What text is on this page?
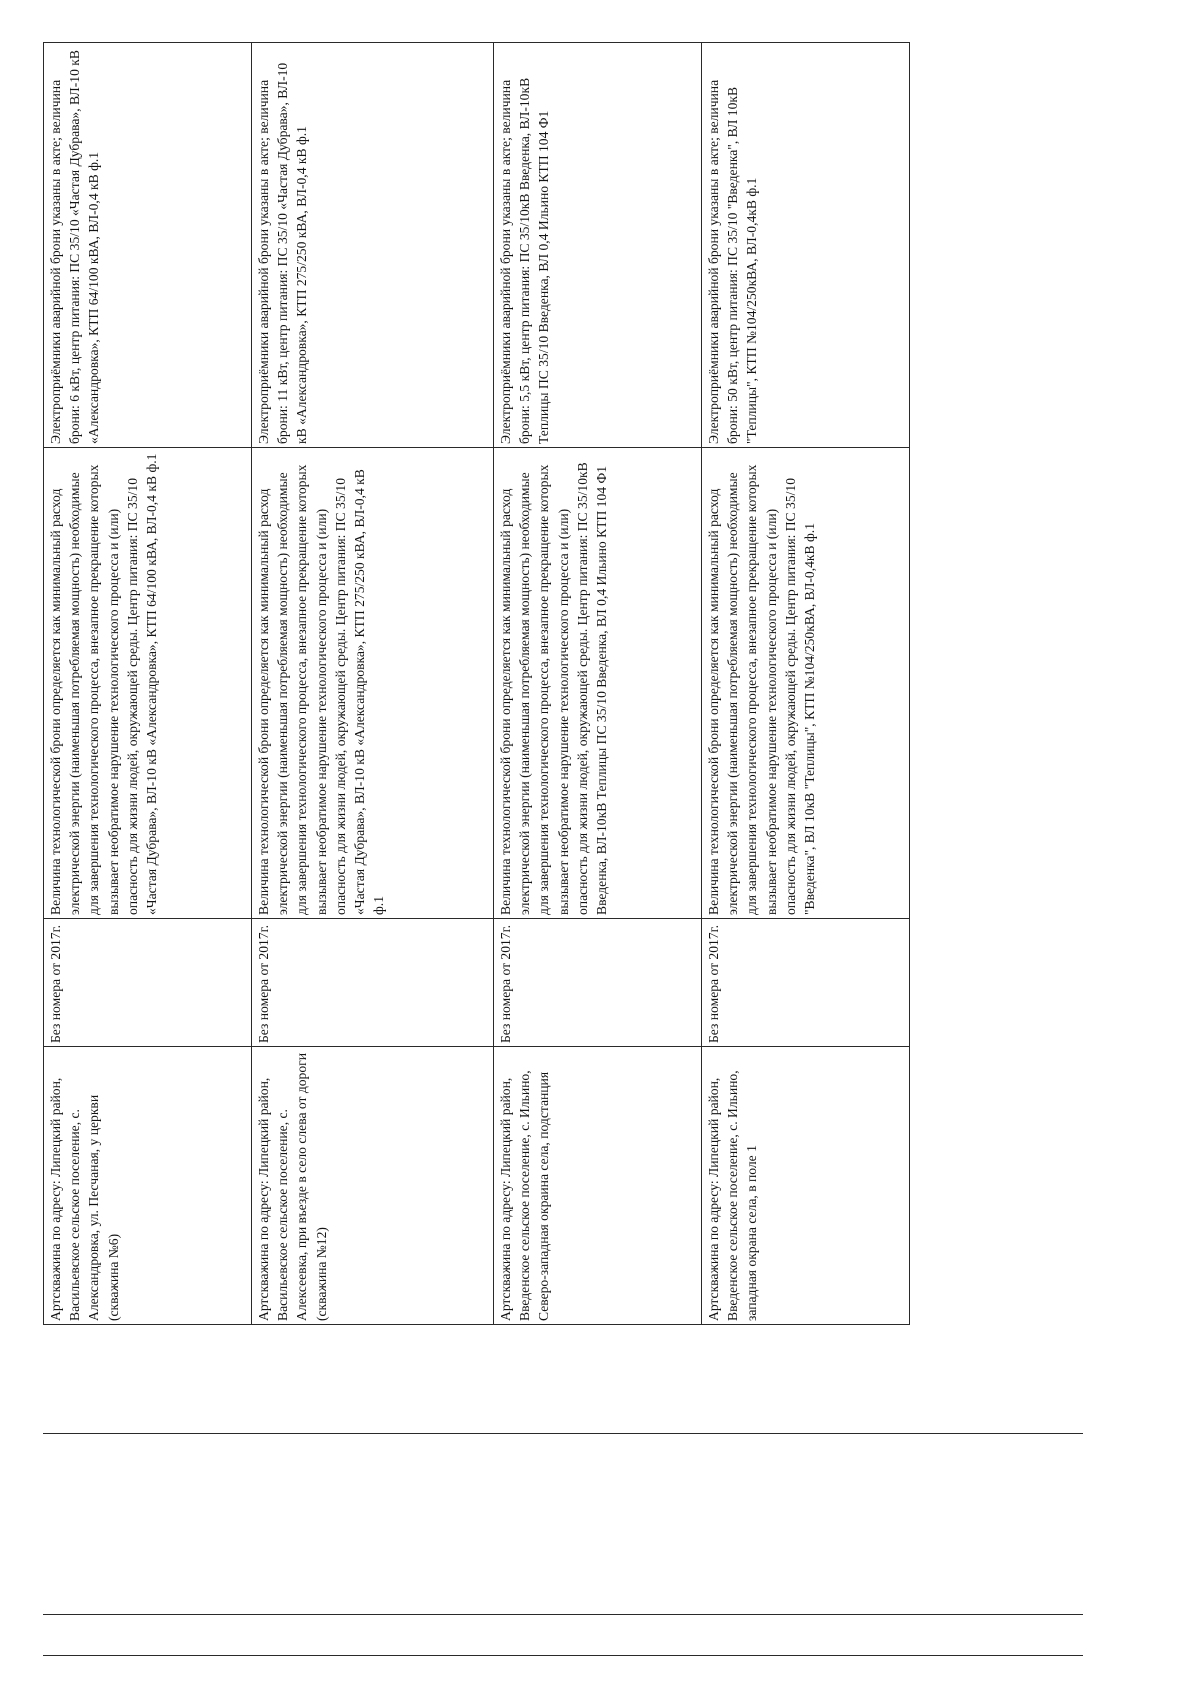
Артскважина по адресу: Липецкий район, Васильевское сельское поселение, с. Александровка, ул. Песчаная, у церкви (скважина №6)	Без номера от 2017г.	Величина технологической брони определяется как минимальный расход электрической энергии (наименьшая потребляемая мощность) необходимые для завершения технологического процесса, внезапное прекращение которых вызывает необратимое нарушение технологического процесса и (или) опасность для жизни людей, окружающей среды. Центр питания: ПС 35/10 «Частая Дубрава», ВЛ-10 кВ «Александровка», КТП 64/100 кВА, ВЛ-0,4 кВ ф.1	Электроприёмники аварийной брони указаны в акте; величина брони: 6 кВт, центр питания: ПС 35/10 «Частая Дубрава», ВЛ-10 кВ «Александровка», КТП 64/100 кВА, ВЛ-0,4 кВ ф.1
Артскважина по адресу: Липецкий район, Васильевское сельское поселение, с. Алексеевка, при въезде в село слева от дороги (скважина №12)	Без номера от 2017г.	Величина технологической брони определяется как минимальный расход электрической энергии (наименьшая потребляемая мощность) необходимые для завершения технологического процесса, внезапное прекращение которых вызывает необратимое нарушение технологического процесса и (или) опасность для жизни людей, окружающей среды. Центр питания: ПС 35/10 «Частая Дубрава», ВЛ-10 кВ «Александровка», КТП 275/250 кВА, ВЛ-0,4 кВ ф.1	Электроприёмники аварийной брони указаны в акте; величина брони: 11 кВт, центр питания: ПС 35/10 «Частая Дубрава», ВЛ-10 кВ «Александровка», КТП 275/250 кВА, ВЛ-0,4 кВ ф.1
Артскважина по адресу: Липецкий район, Введенское сельское поселение, с. Ильино, Северо-западная окраина села, подстанция	Без номера от 2017г.	Величина технологической брони определяется как минимальный расход электрической энергии (наименьшая потребляемая мощность) необходимые для завершения технологического процесса, внезапное прекращение которых вызывает необратимое нарушение технологического процесса и (или) опасность для жизни людей, окружающей среды. Центр питания: ПС 35/10кВ Введенка, ВЛ-10кВ Теплицы ПС 35/10 Введенка, ВЛ 0,4 Ильино КТП 104 Ф1	Электроприёмники аварийной брони указаны в акте; величина брони: 5,5 кВт, центр питания: ПС 35/10кВ Введенка, ВЛ-10кВ Теплицы ПС 35/10 Введенка, ВЛ 0,4 Ильино КТП 104 Ф1
Артскважина по адресу: Липецкий район, Введенское сельское поселение, с. Ильино, западная окрана села, в поле 1	Без номера от 2017г.	Величина технологической брони определяется как минимальный расход электрической энергии (наименьшая потребляемая мощность) необходимые для завершения технологического процесса, внезапное прекращение которых вызывает необратимое нарушение технологического процесса и (или) опасность для жизни людей, окружающей среды. Центр питания: ПС 35/10 "Введенка", ВЛ 10кВ "Теплицы", КТП №104/250кВА, ВЛ-0,4кВ ф.1	Электроприёмники аварийной брони указаны в акте; величина брони: 50 кВт, центр питания: ПС 35/10 "Введенка", ВЛ 10кВ "Теплицы", КТП №104/250кВА, ВЛ-0,4кВ ф.1
